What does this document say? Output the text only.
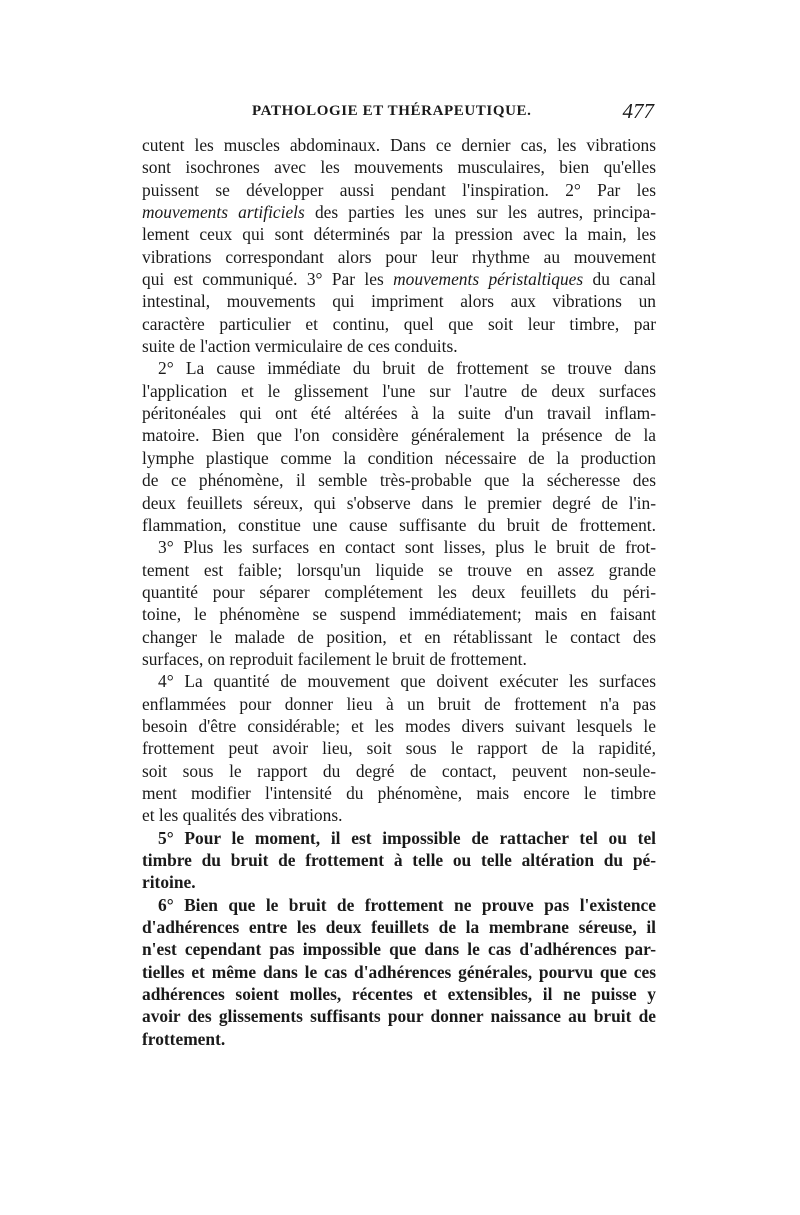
PATHOLOGIE ET THÉRAPEUTIQUE.	477
cutent les muscles abdominaux. Dans ce dernier cas, les vibrations
sont isochrones avec les mouvements musculaires, bien qu'elles
puissent se développer aussi pendant l'inspiration. 2° Par les
mouvements artificiels des parties les unes sur les autres, principa-
lement ceux qui sont déterminés par la pression avec la main, les
vibrations correspondant alors pour leur rhythme au mouvement
qui est communiqué. 3° Par les mouvements péristaltiques du canal
intestinal, mouvements qui impriment alors aux vibrations un
caractère particulier et continu, quel que soit leur timbre, par
suite de l'action vermiculaire de ces conduits.
2° La cause immédiate du bruit de frottement se trouve dans
l'application et le glissement l'une sur l'autre de deux surfaces
péritonéales qui ont été altérées à la suite d'un travail inflam-
matoire. Bien que l'on considère généralement la présence de la
lymphe plastique comme la condition nécessaire de la production
de ce phénomène, il semble très-probable que la sécheresse des
deux feuillets séreux, qui s'observe dans le premier degré de l'in-
flammation, constitue une cause suffisante du bruit de frottement.
3° Plus les surfaces en contact sont lisses, plus le bruit de frot-
tement est faible; lorsqu'un liquide se trouve en assez grande
quantité pour séparer complétement les deux feuillets du péri-
toine, le phénomène se suspend immédiatement; mais en faisant
changer le malade de position, et en rétablissant le contact des
surfaces, on reproduit facilement le bruit de frottement.
4° La quantité de mouvement que doivent exécuter les surfaces
enflammées pour donner lieu à un bruit de frottement n'a pas
besoin d'être considérable; et les modes divers suivant lesquels le
frottement peut avoir lieu, soit sous le rapport de la rapidité,
soit sous le rapport du degré de contact, peuvent non-seule-
ment modifier l'intensité du phénomène, mais encore le timbre
et les qualités des vibrations.
5° Pour le moment, il est impossible de rattacher tel ou tel
timbre du bruit de frottement à telle ou telle altération du pé-
ritoine.
6° Bien que le bruit de frottement ne prouve pas l'existence
d'adhérences entre les deux feuillets de la membrane séreuse, il
n'est cependant pas impossible que dans le cas d'adhérences par-
tielles et même dans le cas d'adhérences générales, pourvu que ces
adhérences soient molles, récentes et extensibles, il ne puisse y
avoir des glissements suffisants pour donner naissance au bruit de
frottement.
